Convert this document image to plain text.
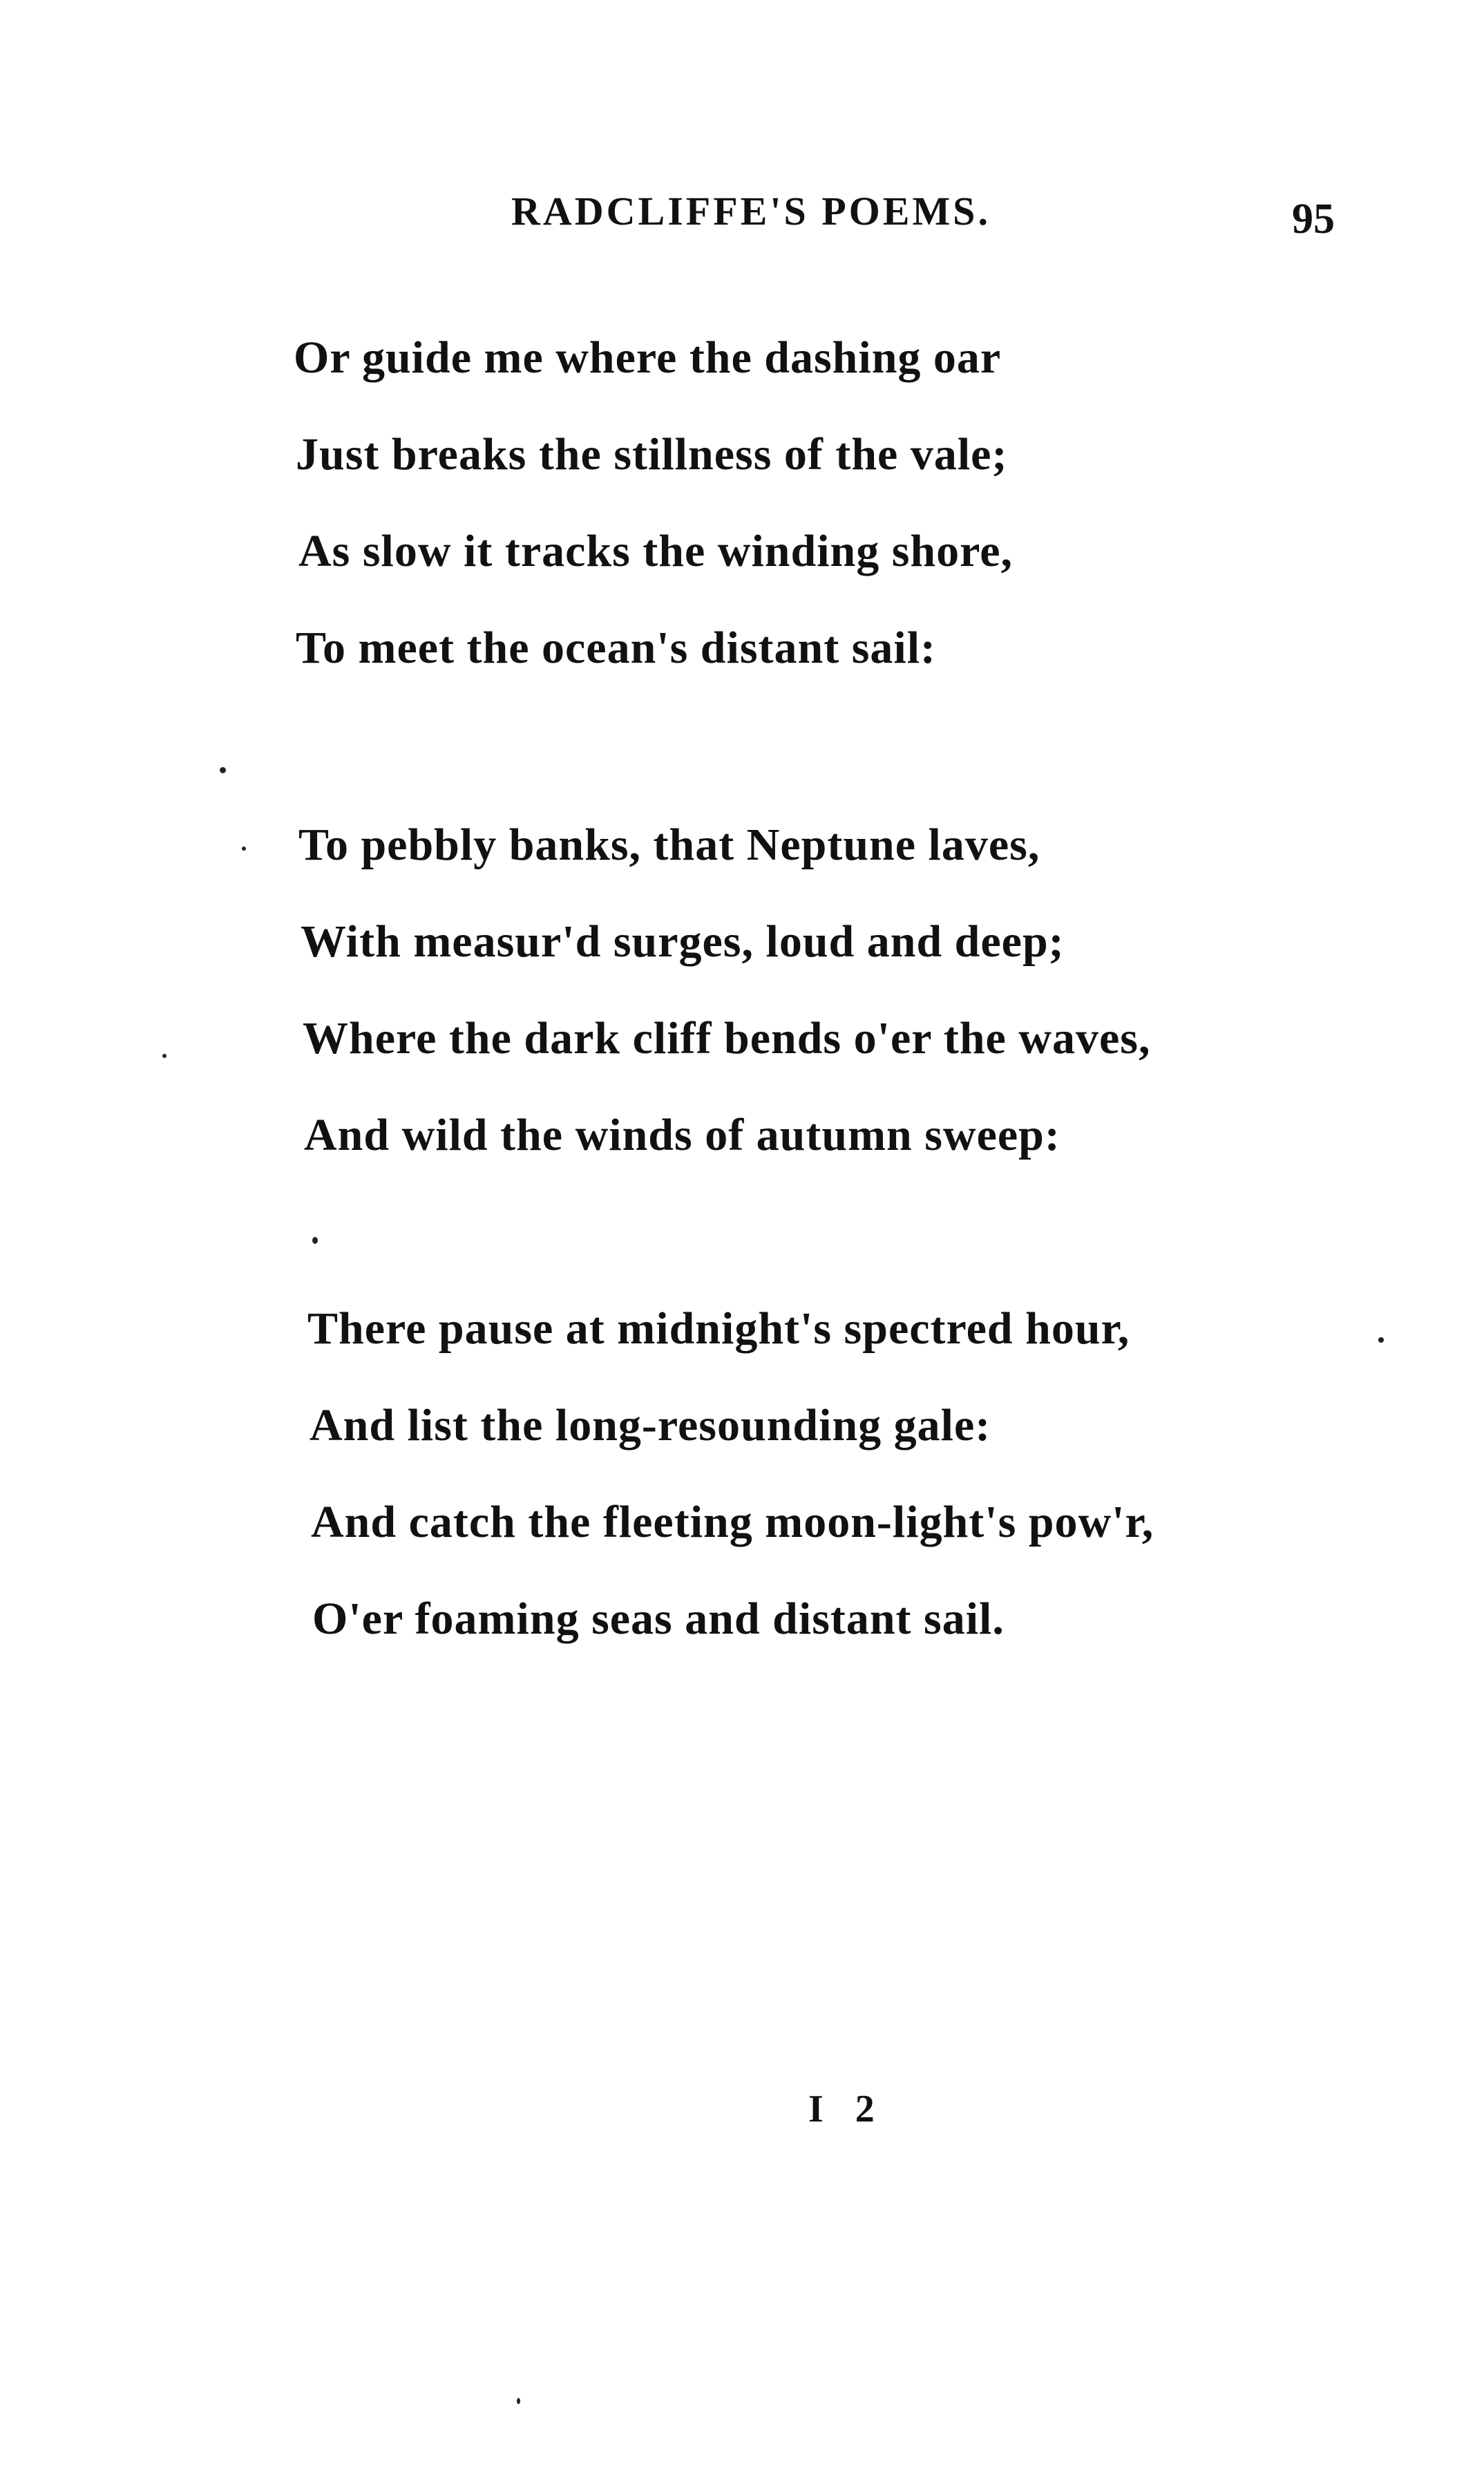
RADCLIFFE'S POEMS.	95
Or guide me where the dashing oar
Just breaks the stillness of the vale;
As slow it tracks the winding shore,
To meet the ocean's distant sail:
To pebbly banks, that Neptune laves,
With measur'd surges, loud and deep;
Where the dark cliff bends o'er the waves,
And wild the winds of autumn sweep:
There pause at midnight's spectred hour,
And list the long-resounding gale:
And catch the fleeting moon-light's pow'r,
O'er foaming seas and distant sail.
I 2
